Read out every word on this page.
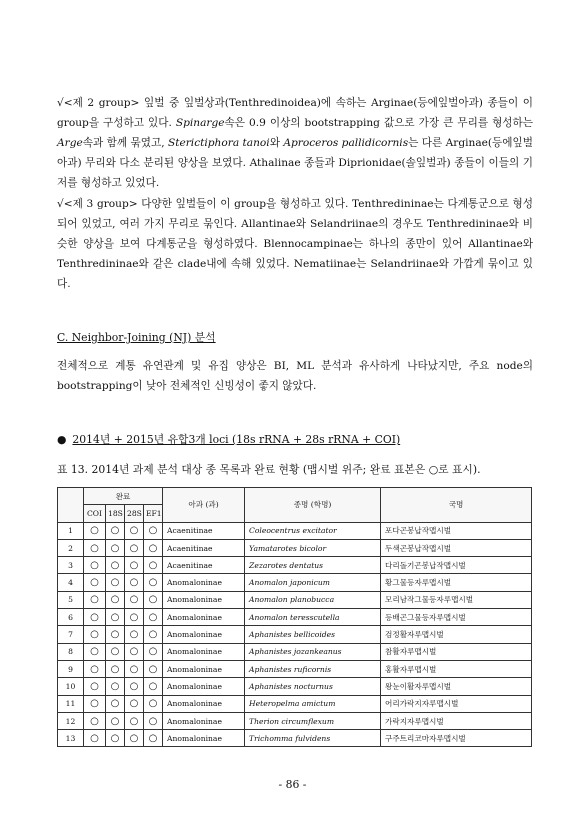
√<제 2 group> 잎벌 중 잎벌상과(Tenthredinoidea)에 속하는 Arginae(등에잎벌아과) 종들이 이 group을 구성하고 있다. Spinarge속은 0.9 이상의 bootstrapping 값으로 가장 큰 무리를 형성하는 Arge속과 함께 묶였고, Sterictiphora tanoi와 Aproceros pallidicornis는 다른 Arginae(등에잎벌아과) 무리와 다소 분리된 양상을 보였다. Athalinae 종들과 Diprionidae(솔잎벌과) 종들이 이들의 기저를 형성하고 있었다.

√<제 3 group> 다양한 잎벌들이 이 group을 형성하고 있다. Tenthredininae는 다계통군으로 형성되어 있었고, 여러 가지 무리로 묶인다. Allantinae와 Selandriinae의 경우도 Tenthredininae와 비슷한 양상을 보여 다계통군을 형성하였다. Blennocampinae는 하나의 종만이 있어 Allantinae와 Tenthredininae와 같은 clade내에 속해 있었다. Nematiinae는 Selandriinae와 가깝게 묶이고 있다.

C. Neighbor-Joining (NJ) 분석

전체적으로 계통 유연관계 및 유집 양상은 BI, ML 분석과 유사하게 나타났지만, 주요 node의 bootstrapping이 낮아 전체적인 신빙성이 좋지 않았다.

● 2014년 + 2015년 유합3개 loci (18s rRNA + 28s rRNA + COI)

표 13. 2014년 과제 분석 대상 종 목록과 완료 현황 (맵시벌 위주; 완료 표본은 ○로 표시).

	완료				아과 (과)	종명 (학명)	국명
	COI	18S	28S	EF1			
1	○	○	○	○	Acaenitinae	Coleocentrus excitator	포다곤봉납작맵시벌
2	○	○	○	○	Acaenitinae	Yamatarotes bicolor	두색곤봉납작맵시벌
3	○	○	○	○	Acaenitinae	Zezarotes dentatus	다리돌기곤봉납작맵시벌
4	○	○	○	○	Anomaloninae	Anomalon japonicum	황그물등자루맵시벌
5	○	○	○	○	Anomaloninae	Anomalon planobucca	모리남작그물등자루맵시벌
6	○	○	○	○	Anomaloninae	Anomalon teresscutella	등배곤그물등자루맵시벌
7	○	○	○	○	Anomaloninae	Aphanistes bellicoides	검정활자루맵시벌
8	○	○	○	○	Anomaloninae	Aphanistes jozankeanus	참활자루맵시벌
9	○	○	○	○	Anomaloninae	Aphanistes ruficornis	홍활자루맵시벌
10	○	○	○	○	Anomaloninae	Aphanistes nocturnus	왕눈이활자루맵시벌
11	○	○	○	○	Anomaloninae	Heteropelma amictum	어리가락지자루맵시벌
12	○	○	○	○	Anomaloninae	Therion circumflexum	가락지자루맵시벌
13	○	○	○	○	Anomaloninae	Trichomma fulvidens	구주트리코마자루맵시벌

- 86 -
